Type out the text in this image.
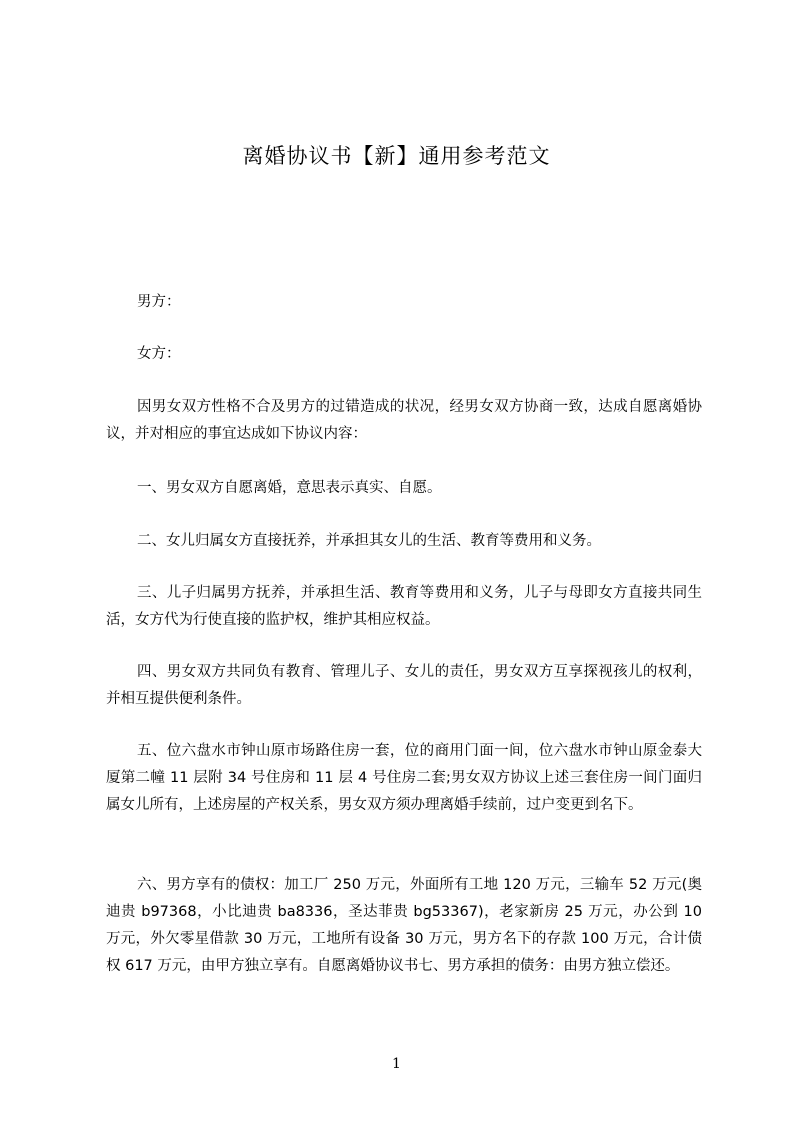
离婚协议书【新】通用参考范文
男方：
女方：

因男女双方性格不合及男方的过错造成的状况，经男女双方协商一致，达成自愿离婚协议，并对相应的事宜达成如下协议内容：

一、男女双方自愿离婚，意思表示真实、自愿。

二、女儿归属女方直接抚养，并承担其女儿的生活、教育等费用和义务。

三、儿子归属男方抚养，并承担生活、教育等费用和义务，儿子与母即女方直接共同生活，女方代为行使直接的监护权，维护其相应权益。

四、男女双方共同负有教育、管理儿子、女儿的责任，男女双方互享探视孩儿的权利，并相互提供便利条件。

五、位六盘水市钟山原市场路住房一套，位的商用门面一间，位六盘水市钟山原金泰大厦第二幢 11 层附 34 号住房和 11 层 4 号住房二套;男女双方协议上述三套住房一间门面归属女儿所有，上述房屋的产权关系，男女双方须办理离婚手续前，过户变更到名下。

六、男方享有的债权：加工厂 250 万元，外面所有工地 120 万元，三输车 52 万元(奥迪贵 b97368，小比迪贵 ba8336，圣达菲贵 bg53367)，老家新房 25 万元，办公到 10 万元，外欠零星借款 30 万元，工地所有设备 30 万元，男方名下的存款 100 万元，合计债权 617 万元，由甲方独立享有。自愿离婚协议书七、男方承担的债务：由男方独立偿还。

1
